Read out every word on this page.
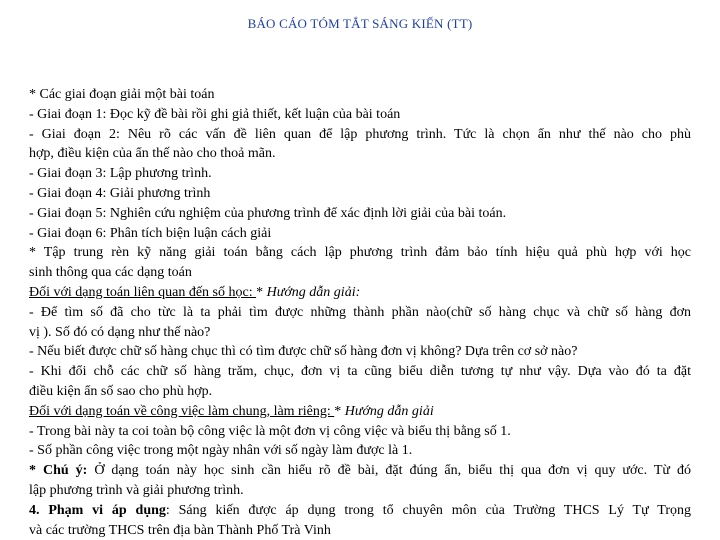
BÁO CÁO TÓM TẮT SÁNG KIẾN (TT)
* Các giai đoạn giải một bài toán
- Giai đoạn 1: Đọc kỹ đề bài rồi ghi giả thiết, kết luận của bài toán
- Giai đoạn 2: Nêu rõ các vấn đề liên quan để lập phương trình. Tức là chọn ẩn như thế nào cho phù
hợp, điều kiện của ẩn thế nào cho thoả mãn.
- Giai đoạn 3: Lập phương trình.
- Giai đoạn 4: Giải phương trình
- Giai đoạn 5: Nghiên cứu nghiệm của phương trình để xác định lời giải của bài toán.
- Giai đoạn 6: Phân tích biện luận cách giải
* Tập trung rèn kỹ năng giải toán bằng cách lập phương trình đảm bảo tính hiệu quả phù hợp với học
sinh thông qua các dạng toán
Đối với dạng toán liên quan đến số học: * Hướng dẫn giải:
- Để tìm số đã cho từc là ta phải tìm được những thành phần nào(chữ số hàng chục và chữ số hàng đơn
vị ). Số đó có dạng như thế nào?
- Nếu biết được chữ số hàng chục thì có tìm được chữ số hàng đơn vị không? Dựa trên cơ sở nào?
- Khi đổi chỗ các chữ số hàng trăm, chục, đơn vị ta cũng biểu diễn tương tự như vậy. Dựa vào đó ta đặt
điều kiện ẩn số sao cho phù hợp.
Đối với dạng toán về công việc làm chung, làm riêng: * Hướng dẫn giải
- Trong bài này ta coi toàn bộ công việc là một đơn vị công việc và biểu thị bằng số 1.
- Số phần công việc trong một ngày nhân với số ngày làm được là 1.
* Chú ý: Ở dạng toán này học sinh cần hiểu rõ đề bài, đặt đúng ẩn, biểu thị qua đơn vị quy ước. Từ đó
lập phương trình và giải phương trình.
4. Phạm vi áp dụng: Sáng kiến được áp dụng trong tổ chuyên môn của Trường THCS Lý Tự Trọng
và các trường THCS trên địa bàn Thành Phố Trà Vinh
